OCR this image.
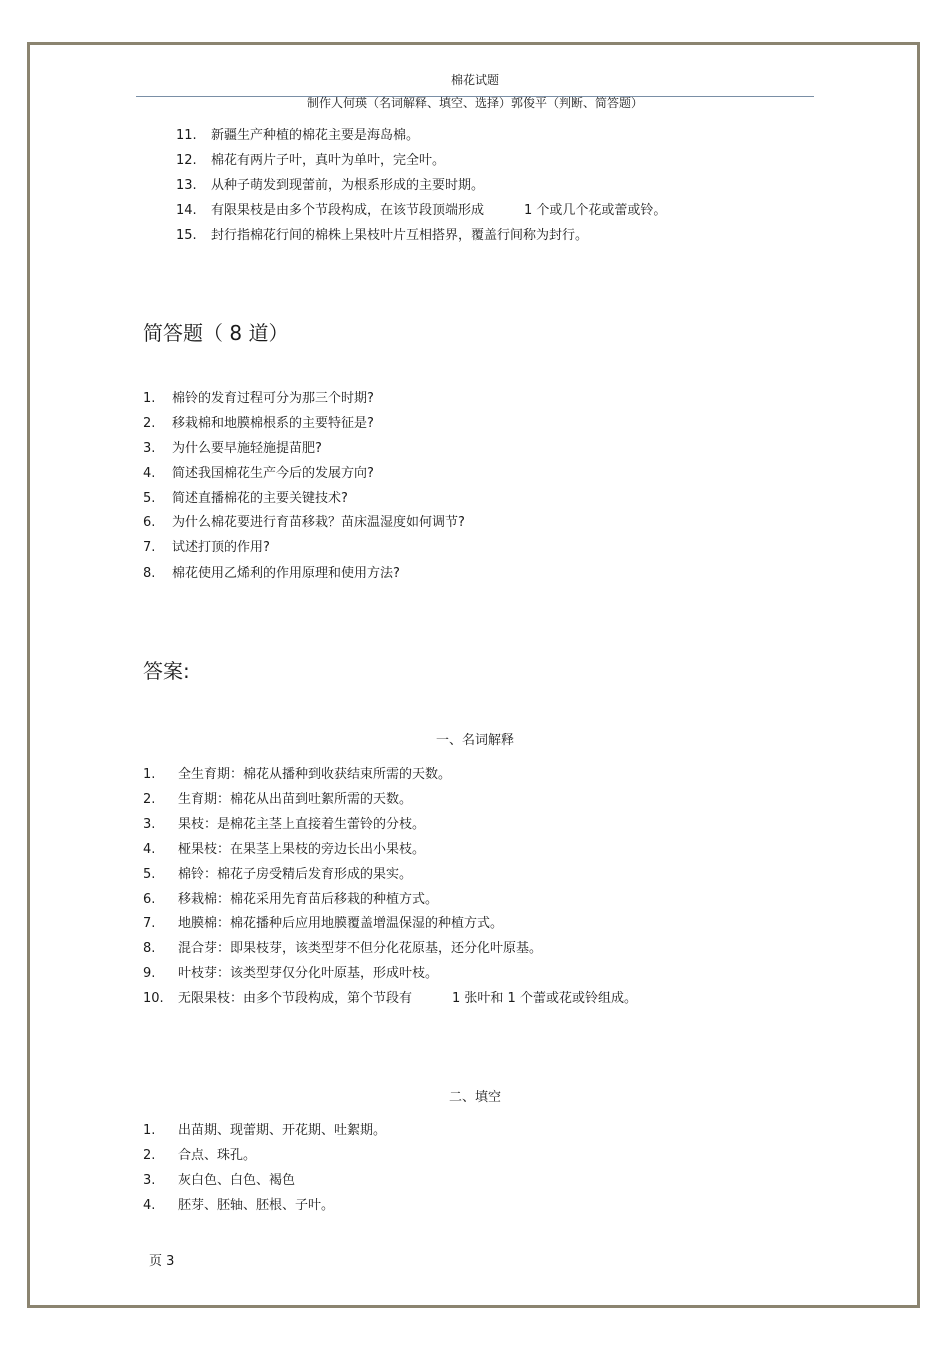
棉花试题
制作人何瑛（名词解释、填空、选择）郭俊平（判断、简答题）
11. 新疆生产种植的棉花主要是海岛棉。
12. 棉花有两片子叶，真叶为单叶，完全叶。
13. 从种子萌发到现蕾前，为根系形成的主要时期。
14. 有限果枝是由多个节段构成，在该节段顶端形成	1 个或几个花或蕾或铃。
15. 封行指棉花行间的棉株上果枝叶片互相搭界，覆盖行间称为封行。
简答题（ 8 道）
1. 棉铃的发育过程可分为那三个时期?
2. 移栽棉和地膜棉根系的主要特征是?
3. 为什么要早施轻施提苗肥?
4. 简述我国棉花生产今后的发展方向?
5. 简述直播棉花的主要关键技术?
6. 为什么棉花要进行育苗移栽？苗床温湿度如何调节?
7. 试述打顶的作用?
8. 棉花使用乙烯利的作用原理和使用方法?
答案:
一、名词解释
1. 全生育期：棉花从播种到收获结束所需的天数。
2. 生育期：棉花从出苗到吐絮所需的天数。
3. 果枝：是棉花主茎上直接着生蕾铃的分枝。
4. 桠果枝：在果茎上果枝的旁边长出小果枝。
5. 棉铃：棉花子房受精后发育形成的果实。
6. 移栽棉：棉花采用先育苗后移栽的种植方式。
7. 地膜棉：棉花播种后应用地膜覆盖增温保湿的种植方式。
8. 混合芽：即果枝芽，该类型芽不但分化花原基，还分化叶原基。
9. 叶枝芽：该类型芽仅分化叶原基，形成叶枝。
10. 无限果枝：由多个节段构成，第个节段有	1 张叶和 1 个蕾或花或铃组成。
二、填空
1. 出苗期、现蕾期、开花期、吐絮期。
2. 合点、珠孔。
3. 灰白色、白色、褐色
4. 胚芽、胚轴、胚根、子叶。
页 3
